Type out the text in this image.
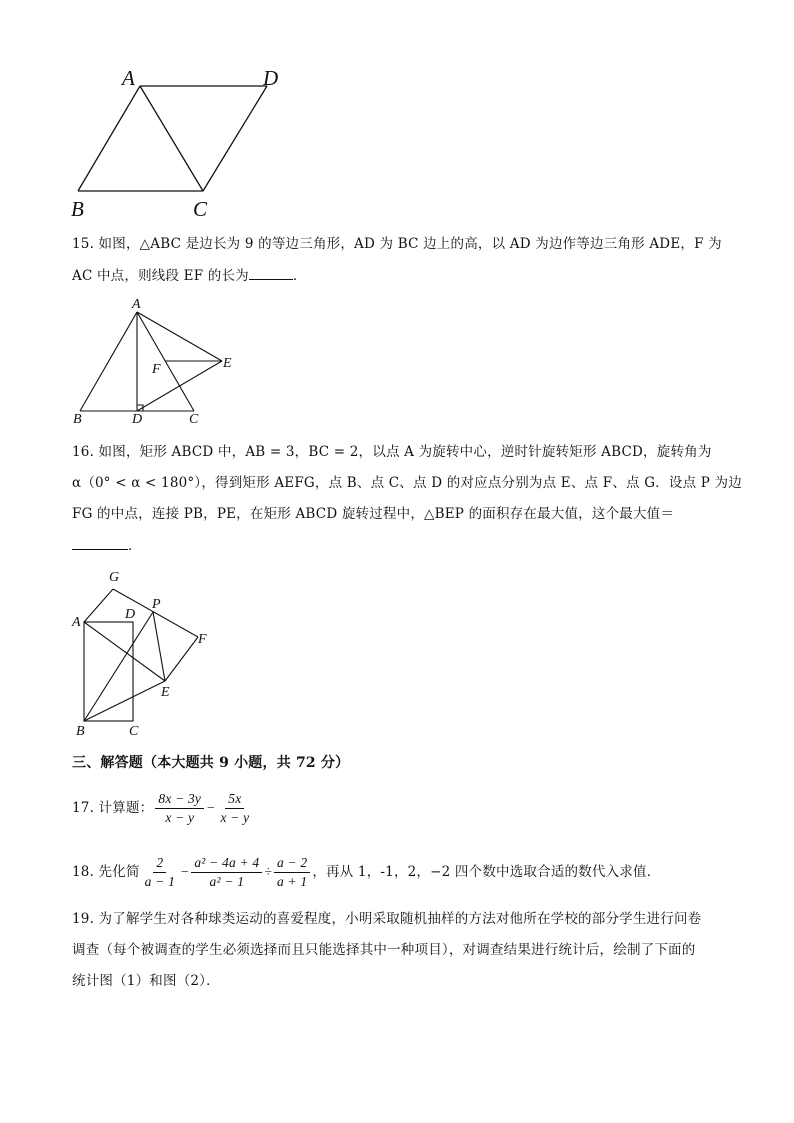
A	D
B	C
15. 如图，△ABC 是边长为 9 的等边三角形，AD 为 BC 边上的高，以 AD 为边作等边三角形 ADE，F 为
AC 中点，则线段 EF 的长为	．
A
E
F
B	D	C
16. 如图，矩形 ABCD 中，AB = 3，BC = 2，以点 A 为旋转中心，逆时针旋转矩形 ABCD，旋转角为
α（0° < α < 180°），得到矩形 AEFG，点 B、点 C、点 D 的对应点分别为点 E、点 F、点 G．设点 P 为边
FG 的中点，连接 PB，PE，在矩形 ABCD 旋转过程中，△BEP 的面积存在最大值，这个最大值＝
．
G
D
P
A
F
E
B	C
三、解答题（本大题共 9 小题，共 72 分）
17. 计算题： $\frac{8x - 3y}{x - y} - \frac{5x}{x - y}$
18. 先化简 $\frac{2}{a - 1} - \frac{\text{a² − 4a + 4}}{\text{a² − 1}} \div \frac{a - 2}{a + 1}$ ，再从 1，-1，2，−2 四个数中选取合适的数代入求值．
19. 为了解学生对各种球类运动的喜爱程度，小明采取随机抽样的方法对他所在学校的部分学生进行问卷
调查（每个被调查的学生必须选择而且只能选择其中一种项目），对调查结果进行统计后，绘制了下面的
统计图（1）和图（2）．
